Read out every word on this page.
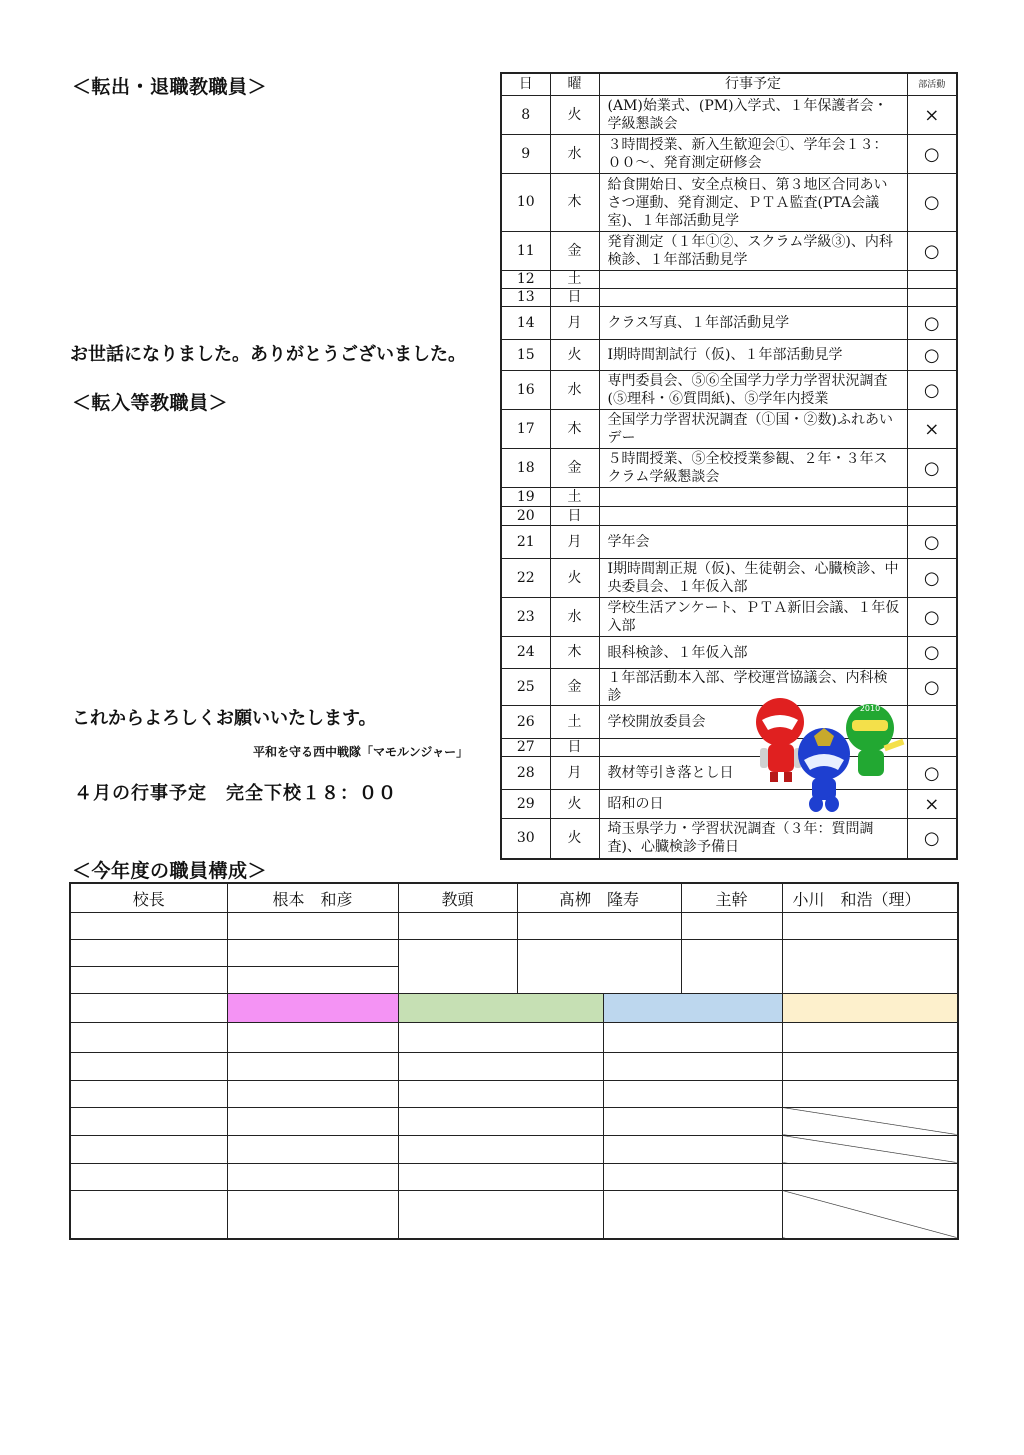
＜転出・退職教職員＞
お世話になりました。ありがとうございました。
＜転入等教職員＞
これからよろしくお願いいたします。
平和を守る西中戦隊「マモルンジャー」
４月の行事予定　完全下校１８：００
＜今年度の職員構成＞
日	曜	行事予定	部活動
8	火	(AM)始業式、(PM)入学式、１年保護者会・学級懇談会	×
9	水	３時間授業、新入生歓迎会①、学年会１３：００〜、発育測定研修会	○
10	木	給食開始日、安全点検日、第３地区合同あいさつ運動、発育測定、ＰＴＡ監査(PTA会議室)、１年部活動見学	○
11	金	発育測定（１年①②、スクラム学級③)、内科検診、１年部活動見学	○
12	土		
13	日		
14	月	クラス写真、１年部活動見学	○
15	火	Ⅰ期時間割試行（仮)、１年部活動見学	○
16	水	専門委員会、⑤⑥全国学力学力学習状況調査(⑤理科・⑥質問紙)、⑤学年内授業	○
17	木	全国学力学習状況調査（①国・②数)ふれあいデー	×
18	金	５時間授業、⑤全校授業参観、２年・３年スクラム学級懇談会	○
19	土		
20	日		
21	月	学年会	○
22	火	Ⅰ期時間割正規（仮)、生徒朝会、心臓検診、中央委員会、１年仮入部	○
23	水	学校生活アンケート、ＰＴＡ新旧会議、１年仮入部	○
24	木	眼科検診、１年仮入部	○
25	金	１年部活動本入部、学校運営協議会、内科検診	○
26	土	学校開放委員会	
27	日		
28	月	教材等引き落とし日	○
29	火	昭和の日	×
30	火	埼玉県学力・学習状況調査（３年：質問調査)、心臓検診予備日	○
2010
校長	根本　和彦	教頭	髙栁　隆寿		主幹	小川　和浩（理）
